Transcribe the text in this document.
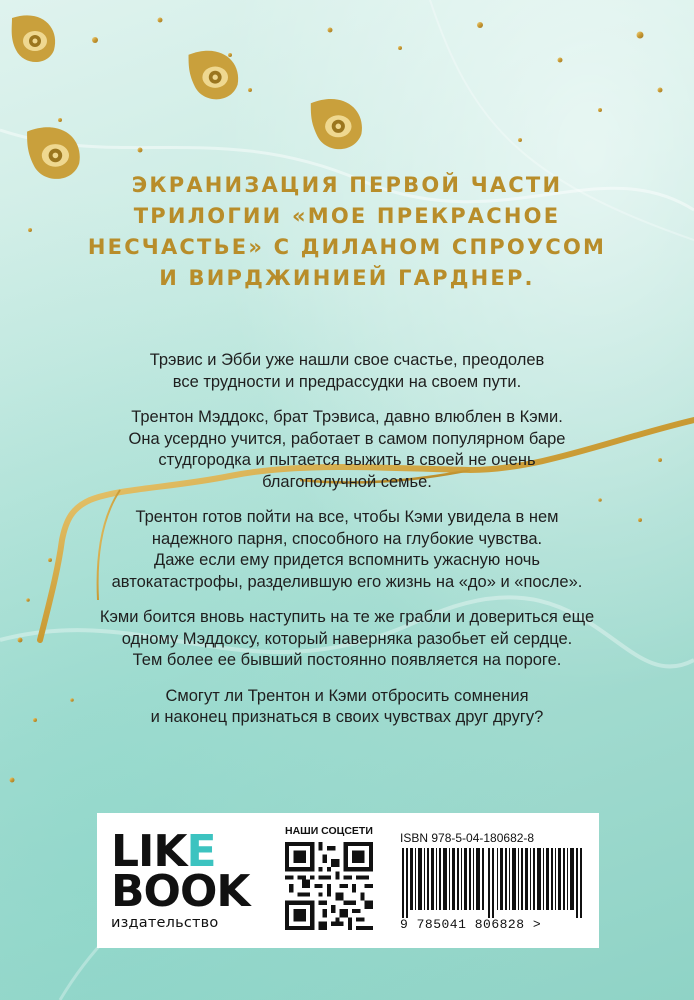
ЭКРАНИЗАЦИЯ ПЕРВОЙ ЧАСТИ
ТРИЛОГИИ «МОЕ ПРЕКРАСНОЕ
НЕСЧАСТЬЕ» С ДИЛАНОМ СПРОУСОМ
И ВИРДЖИНИЕЙ ГАРДНЕР.

Трэвис и Эбби уже нашли свое счастье, преодолев
все трудности и предрассудки на своем пути.

Трентон Мэддокс, брат Трэвиса, давно влюблен в Кэми.
Она усердно учится, работает в самом популярном баре
студгородка и пытается выжить в своей не очень
благополучной семье.

Трентон готов пойти на все, чтобы Кэми увидела в нем
надежного парня, способного на глубокие чувства.
Даже если ему придется вспомнить ужасную ночь
автокатастрофы, разделившую его жизнь на «до» и «после».

Кэми боится вновь наступить на те же грабли и довериться еще
одному Мэддоксу, который наверняка разобьет ей сердце.
Тем более ее бывший постоянно появляется на пороге.

Смогут ли Трентон и Кэми отбросить сомнения
и наконец признаться в своих чувствах друг другу?

LIKE
BOOK
издательство
НАШИ СОЦСЕТИ ISBN 978-5-04-180682-8
9 785041 806828 >
